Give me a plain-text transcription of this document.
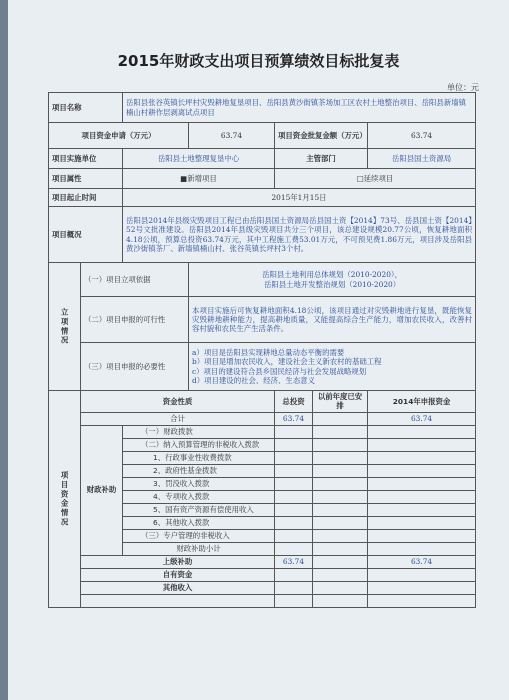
2015年财政支出项目预算绩效目标批复表
单位：元
项目名称		岳阳县张谷英镇长坪村灾毁耕地复垦项目、岳阳县黄沙街镇茶场加工区农村土地整治项目、岳阳县新墙镇楠山村耕作层剥离试点项目				
项目资金申请（万元）			63.74	项目资金批复金额（万元）		63.74
项目实施单位		岳阳县土地整理复垦中心		主管部门		岳阳县国土资源局
项目属性		■新增项目		□延续项目		
项目起止时间		2015年1月15日				
项目概况		岳阳县2014年县级灾毁项目工程已由岳阳县国土资源局岳县国土资【2014】73号、岳县国土资【2014】52号文批准建设。岳阳县2014年县级灾毁项目共分三个项目，该总建设规模20.77公顷，恢复耕地面积4.18公顷，预算总投资63.74万元，其中工程施工费53.01万元，不可预见费1.86万元，项目涉及岳阳县黄沙街镇茶厂、新墙镇楠山村、张谷英镇长坪村3个村。				
立项情况	（一）项目立项依据		岳阳县土地利用总体规划（2010-2020），
岳阳县土地开发整治规划（2010-2020）			
	（二）项目申报的可行性		本项目实施后可恢复耕地面积4.18公顷，该项目通过对灾毁耕地进行复垦，既能恢复灾毁耕地耕种能力，提高耕地质量，又能提高综合生产能力，增加农民收入，改善村容村貌和农民生产生活条件。			
	（三）项目申报的必要性		a）项目是岳阳县实现耕地总量动态平衡的需要
b）项目是增加农民收入，建设社会主义新农村的基础工程
c）项目的建设符合县乡国民经济与社会发展战略规划
d）项目建设的社会、经济、生态意义			
项目资金情况	资金性质			总投资	以前年度已安排	2014年申报资金
	合计			63.74		63.74
	财政补助	（一）财政拨款				
		（二）纳入预算管理的非税收入拨款				
		1、行政事业性收费拨款				
		2、政府性基金拨款				
		3、罚没收入拨款				
		4、专项收入拨款				
		5、国有资产资源有偿使用收入				
		6、其他收入拨款				
		（三）专户管理的非税收入				
		财政补助小计				
	上级补助			63.74		63.74
	自有资金					
	其他收入					
